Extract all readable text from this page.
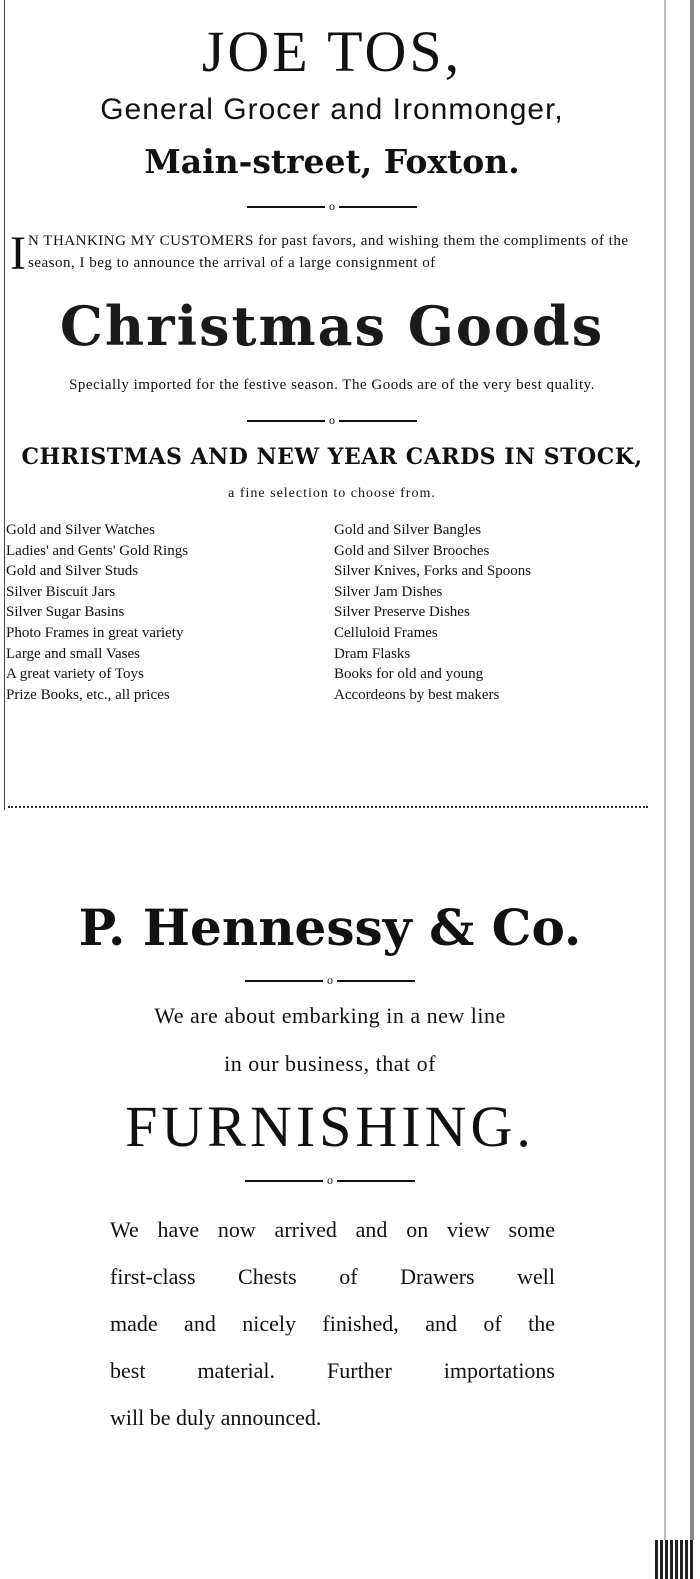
JOE TOS,
General Grocer and Ironmonger,
Main-street, Foxton.
o
I N THANKING MY CUSTOMERS for past favors, and wishing them the compliments of the season, I beg to announce the arrival of a large consignment of
Christmas Goods
Specially imported for the festive season. The Goods are of the very best quality.
o
CHRISTMAS AND NEW YEAR CARDS IN STOCK,
a fine selection to choose from.
Gold and Silver Watches
Ladies' and Gents' Gold Rings
Gold and Silver Studs
Silver Biscuit Jars
Silver Sugar Basins
Photo Frames in great variety
Large and small Vases
A great variety of Toys
Prize Books, etc., all prices
Gold and Silver Bangles
Gold and Silver Brooches
Silver Knives, Forks and Spoons
Silver Jam Dishes
Silver Preserve Dishes
Celluloid Frames
Dram Flasks
Books for old and young
Accordeons by best makers
P. Hennessy & Co.
o
We are about embarking in a new line
in our business, that of
FURNISHING.
o
We have now arrived and on view some
first-class Chests of Drawers well
made and nicely finished, and of the
best material. Further importations
will be duly announced.
